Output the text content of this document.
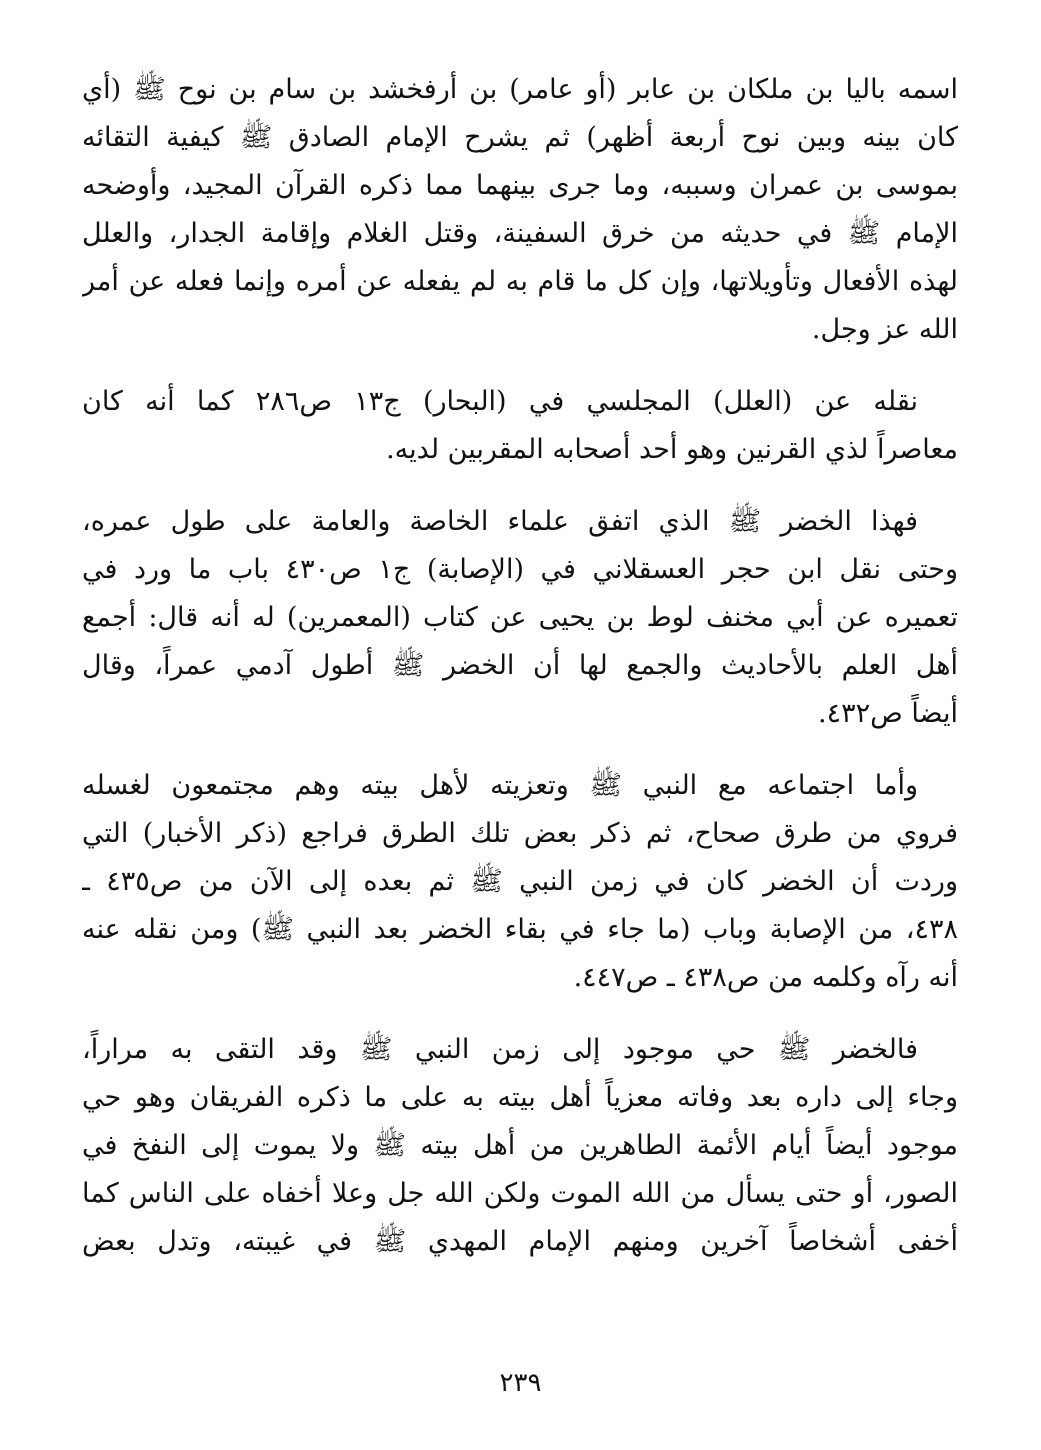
اسمه باليا بن ملكان بن عابر (أو عامر) بن أرفخشد بن سام بن نوح ﷺ (أي
كان بينه وبين نوح أربعة أظهر) ثم يشرح الإمام الصادق ﷺ كيفية التقائه
بموسى بن عمران وسببه، وما جرى بينهما مما ذكره القرآن المجيد، وأوضحه
الإمام ﷺ في حديثه من خرق السفينة، وقتل الغلام وإقامة الجدار، والعلل
لهذه الأفعال وتأويلاتها، وإن كل ما قام به لم يفعله عن أمره وإنما فعله عن أمر
الله عز وجل.
نقله عن (العلل) المجلسي في (البحار) ج١٣ ص٢٨٦ كما أنه كان
معاصراً لذي القرنين وهو أحد أصحابه المقربين لديه.
فهذا الخضر ﷺ الذي اتفق علماء الخاصة والعامة على طول عمره،
وحتى نقل ابن حجر العسقلاني في (الإصابة) ج١ ص٤٣٠ باب ما ورد في
تعميره عن أبي مخنف لوط بن يحيى عن كتاب (المعمرين) له أنه قال: أجمع
أهل العلم بالأحاديث والجمع لها أن الخضر ﷺ أطول آدمي عمراً، وقال
أيضاً ص٤٣٢.
وأما اجتماعه مع النبي ﷺ وتعزيته لأهل بيته وهم مجتمعون لغسله
فروي من طرق صحاح، ثم ذكر بعض تلك الطرق فراجع (ذكر الأخبار) التي
وردت أن الخضر كان في زمن النبي ﷺ ثم بعده إلى الآن من ص٤٣٥ ـ
٤٣٨، من الإصابة وباب (ما جاء في بقاء الخضر بعد النبي ﷺ) ومن نقله عنه
أنه رآه وكلمه من ص٤٣٨ ـ ص٤٤٧.
فالخضر ﷺ حي موجود إلى زمن النبي ﷺ وقد التقى به مراراً،
وجاء إلى داره بعد وفاته معزياً أهل بيته به على ما ذكره الفريقان وهو حي
موجود أيضاً أيام الأئمة الطاهرين من أهل بيته ﷺ ولا يموت إلى النفخ في
الصور، أو حتى يسأل من الله الموت ولكن الله جل وعلا أخفاه على الناس كما
أخفى أشخاصاً آخرين ومنهم الإمام المهدي ﷺ في غيبته، وتدل بعض
٢٣٩
